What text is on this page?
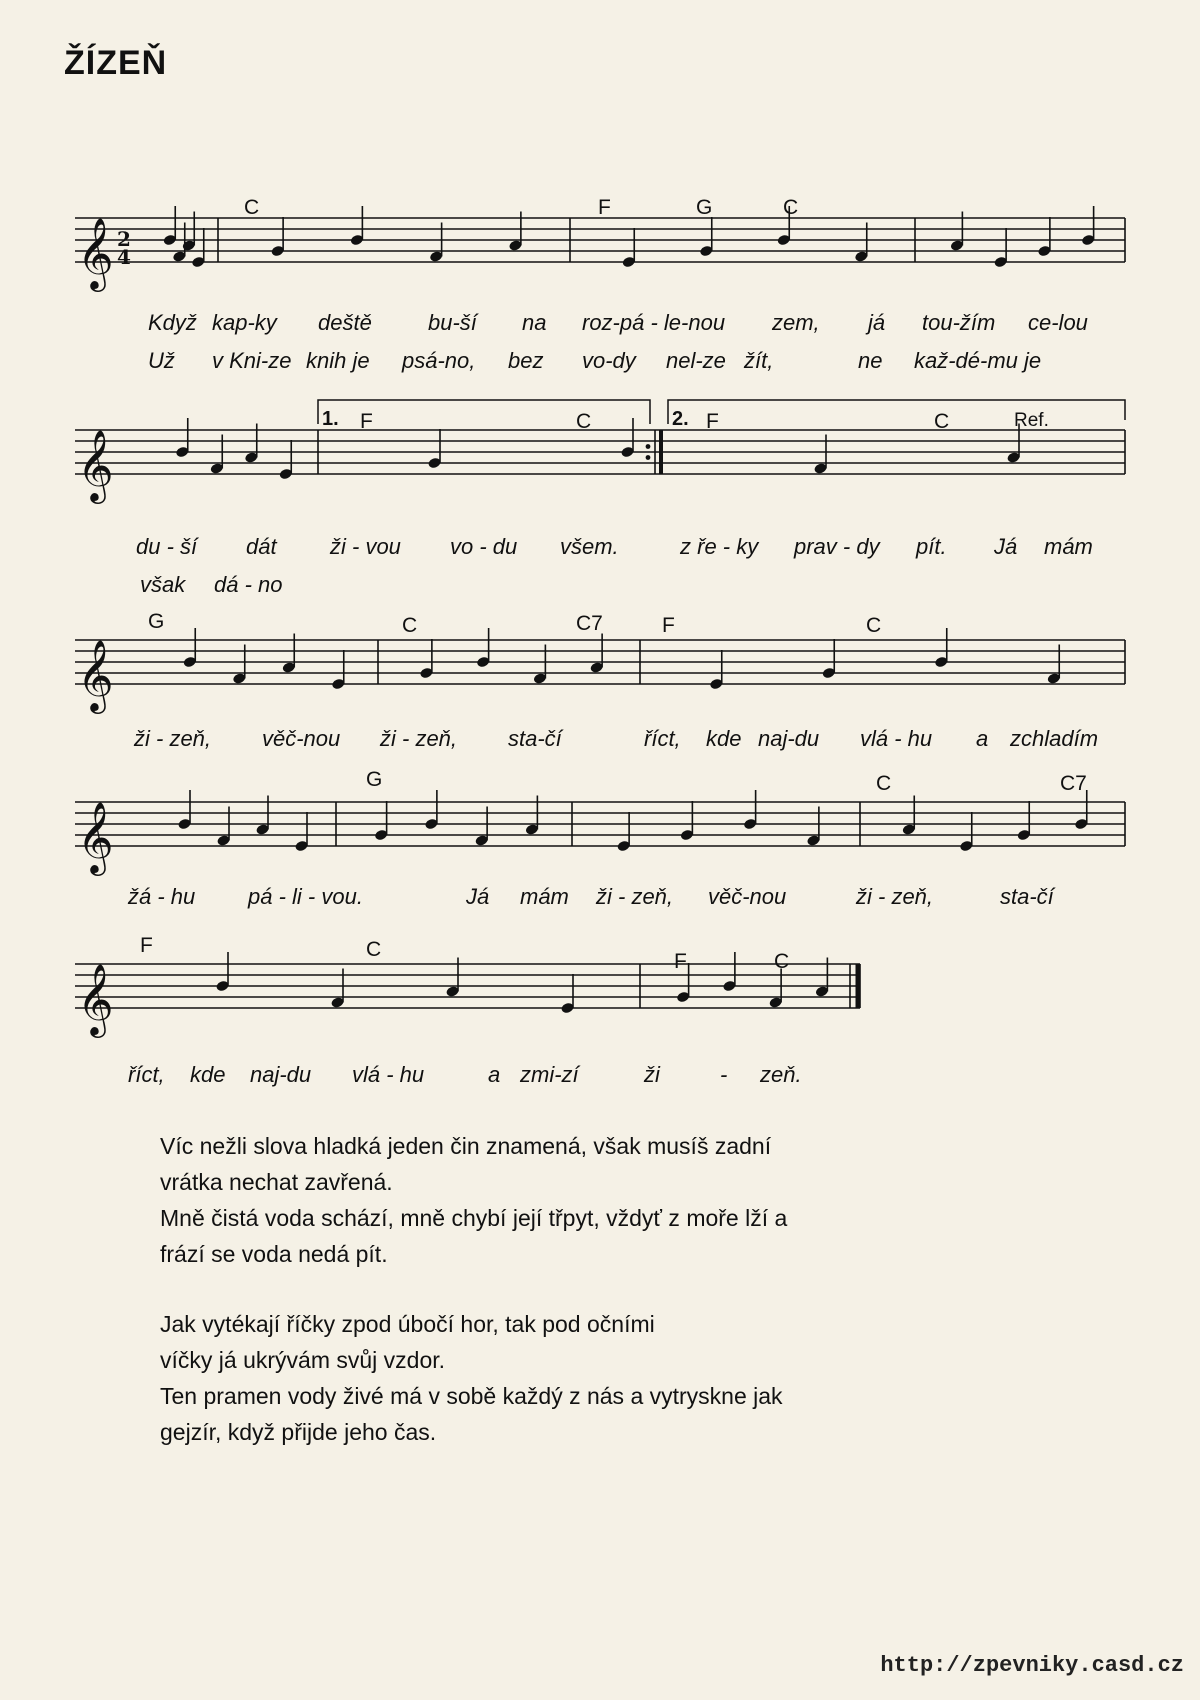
ŽÍZEŇ
𝄞 2
4
C	F	G	C
Když kap-ky deště	bu-ší na roz-pá - le-nou zem, já tou-žím ce-lou
Už v Kni-ze knih je psá-no, bez vo-dy nel-ze žít,	ne kaž-dé-mu je
𝄞
1.	2.
F	C	F	C	Ref.
du - ší dát ži - vou vo - du všem.	z ře - ky prav - dy pít. Já mám
však dá - no
𝄞
G	C	C7	F	C
ži - zeň, věč-nou ži - zeň, sta-čí	říct, kde naj-du vlá - hu a zchladím
𝄞
G	C	C7
žá - hu pá - li - vou.	Já mám ži - zeň, věč-nou	ži - zeň,	sta-čí
𝄞
F	C
F	C
říct, kde naj-du vlá - hu	a zmi-zí	ži	- zeň.

Víc nežli slova hladká jeden čin znamená, však musíš zadní
vrátka nechat zavřená.
Mně čistá voda schází, mně chybí její třpyt, vždyť z moře lží a
frází se voda nedá pít.

Jak vytékají říčky zpod úbočí hor, tak pod očními
víčky já ukrývám svůj vzdor.
Ten pramen vody živé má v sobě každý z nás a vytryskne jak
gejzír, když přijde jeho čas.

http://zpevniky.casd.cz
